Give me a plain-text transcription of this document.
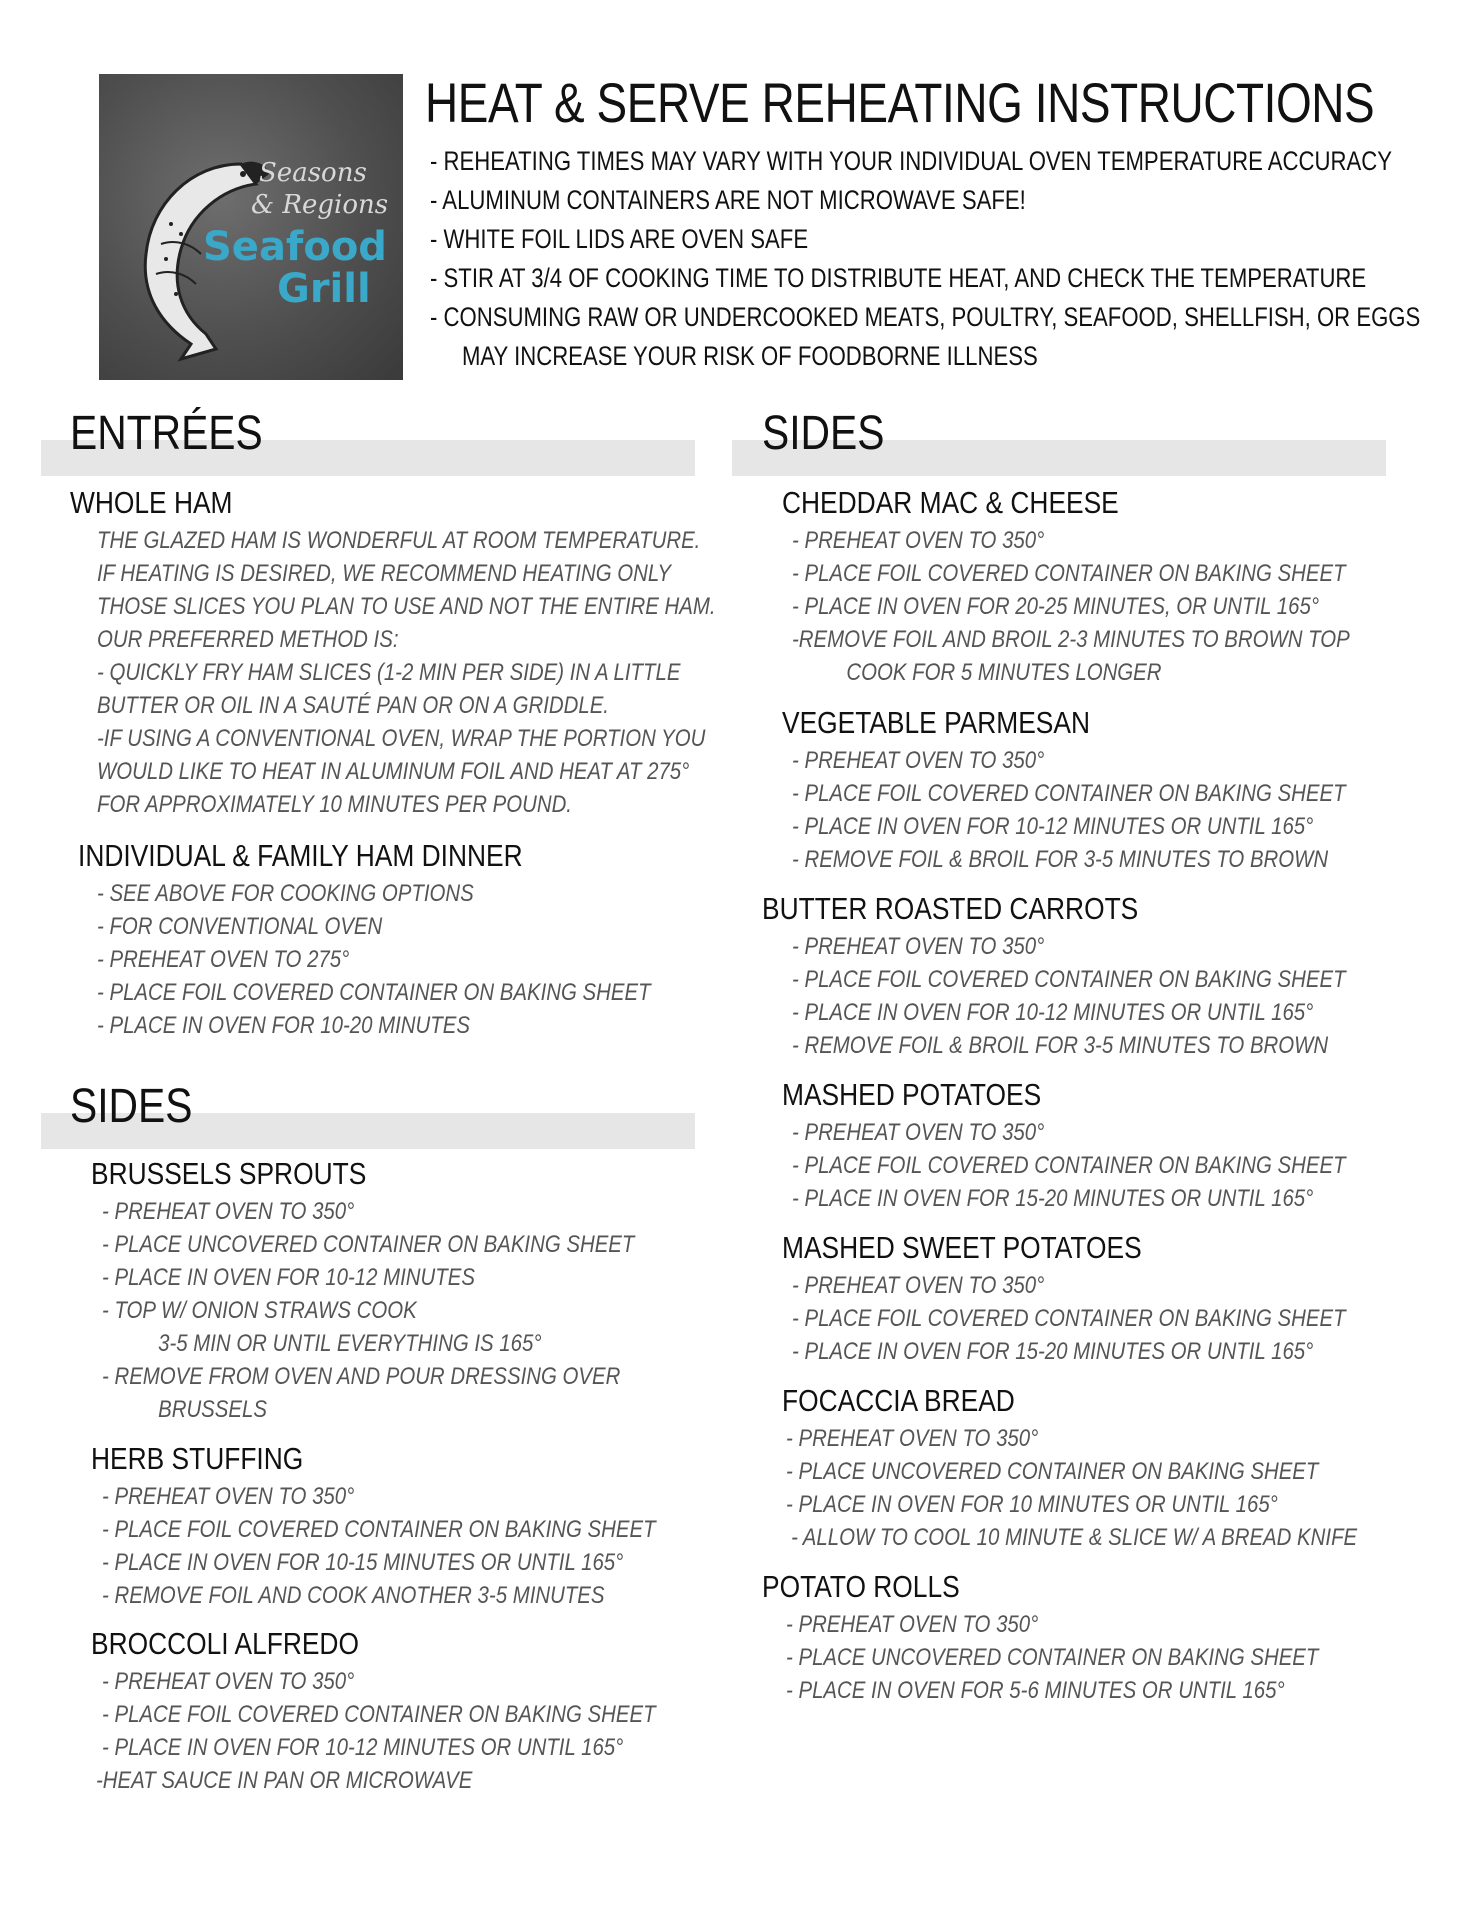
Seasons
& Regions
Seafood
Grill
HEAT & SERVE REHEATING INSTRUCTIONS
- REHEATING TIMES MAY VARY WITH YOUR INDIVIDUAL OVEN TEMPERATURE ACCURACY
- ALUMINUM CONTAINERS ARE NOT MICROWAVE SAFE!
- WHITE FOIL LIDS ARE OVEN SAFE
- STIR AT 3/4 OF COOKING TIME TO DISTRIBUTE HEAT, AND CHECK THE TEMPERATURE
- CONSUMING RAW OR UNDERCOOKED MEATS, POULTRY, SEAFOOD, SHELLFISH, OR EGGS
MAY INCREASE YOUR RISK OF FOODBORNE ILLNESS
ENTRÉES
WHOLE HAM
THE GLAZED HAM IS WONDERFUL AT ROOM TEMPERATURE.
IF HEATING IS DESIRED, WE RECOMMEND HEATING ONLY
THOSE SLICES YOU PLAN TO USE AND NOT THE ENTIRE HAM.
OUR PREFERRED METHOD IS:
- QUICKLY FRY HAM SLICES (1-2 MIN PER SIDE) IN A LITTLE
BUTTER OR OIL IN A SAUTÉ PAN OR ON A GRIDDLE.
-IF USING A CONVENTIONAL OVEN, WRAP THE PORTION YOU
WOULD LIKE TO HEAT IN ALUMINUM FOIL AND HEAT AT 275°
FOR APPROXIMATELY 10 MINUTES PER POUND.
INDIVIDUAL & FAMILY HAM DINNER
- SEE ABOVE FOR COOKING OPTIONS
- FOR CONVENTIONAL OVEN
- PREHEAT OVEN TO 275°
- PLACE FOIL COVERED CONTAINER ON BAKING SHEET
- PLACE IN OVEN FOR 10-20 MINUTES
SIDES
BRUSSELS SPROUTS
- PREHEAT OVEN TO 350°
- PLACE UNCOVERED CONTAINER ON BAKING SHEET
- PLACE IN OVEN FOR 10-12 MINUTES
- TOP W/ ONION STRAWS COOK
3-5 MIN OR UNTIL EVERYTHING IS 165°
- REMOVE FROM OVEN AND POUR DRESSING OVER
BRUSSELS
HERB STUFFING
- PREHEAT OVEN TO 350°
- PLACE FOIL COVERED CONTAINER ON BAKING SHEET
- PLACE IN OVEN FOR 10-15 MINUTES OR UNTIL 165°
- REMOVE FOIL AND COOK ANOTHER 3-5 MINUTES
BROCCOLI ALFREDO
- PREHEAT OVEN TO 350°
- PLACE FOIL COVERED CONTAINER ON BAKING SHEET
- PLACE IN OVEN FOR 10-12 MINUTES OR UNTIL 165°
-HEAT SAUCE IN PAN OR MICROWAVE
SIDES
CHEDDAR MAC & CHEESE
- PREHEAT OVEN TO 350°
- PLACE FOIL COVERED CONTAINER ON BAKING SHEET
- PLACE IN OVEN FOR 20-25 MINUTES, OR UNTIL 165°
-REMOVE FOIL AND BROIL 2-3 MINUTES TO BROWN TOP
COOK FOR 5 MINUTES LONGER
VEGETABLE PARMESAN
- PREHEAT OVEN TO 350°
- PLACE FOIL COVERED CONTAINER ON BAKING SHEET
- PLACE IN OVEN FOR 10-12 MINUTES OR UNTIL 165°
- REMOVE FOIL & BROIL FOR 3-5 MINUTES TO BROWN
BUTTER ROASTED CARROTS
- PREHEAT OVEN TO 350°
- PLACE FOIL COVERED CONTAINER ON BAKING SHEET
- PLACE IN OVEN FOR 10-12 MINUTES OR UNTIL 165°
- REMOVE FOIL & BROIL FOR 3-5 MINUTES TO BROWN
MASHED POTATOES
- PREHEAT OVEN TO 350°
- PLACE FOIL COVERED CONTAINER ON BAKING SHEET
- PLACE IN OVEN FOR 15-20 MINUTES OR UNTIL 165°
MASHED SWEET POTATOES
- PREHEAT OVEN TO 350°
- PLACE FOIL COVERED CONTAINER ON BAKING SHEET
- PLACE IN OVEN FOR 15-20 MINUTES OR UNTIL 165°
FOCACCIA BREAD
- PREHEAT OVEN TO 350°
- PLACE UNCOVERED CONTAINER ON BAKING SHEET
- PLACE IN OVEN FOR 10 MINUTES OR UNTIL 165°
- ALLOW TO COOL 10 MINUTE & SLICE W/ A BREAD KNIFE
POTATO ROLLS
- PREHEAT OVEN TO 350°
- PLACE UNCOVERED CONTAINER ON BAKING SHEET
- PLACE IN OVEN FOR 5-6 MINUTES OR UNTIL 165°
